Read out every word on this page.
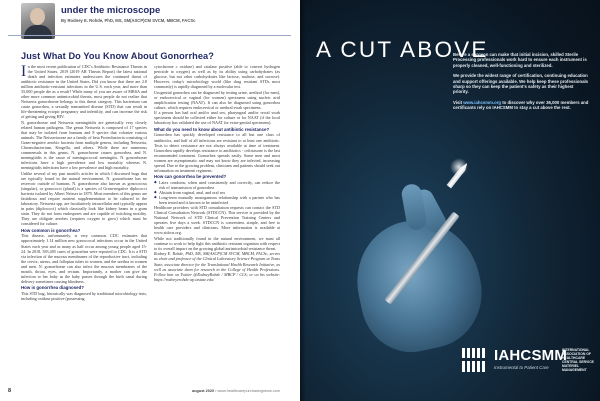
under the microscope
By Rodney E. Rohde, PhD, MS, SM(ASCP)CM SVCM, MBCM, FACSc
Just What Do You Know About Gonorrhea?

In the most recent publication of CDC's Antibiotic Resistance Threats in the United States, 2019 (2019 AR Threats Report) the latest national death and infection estimates underscores the continued threat of antibiotic resistance in the United States. Did you know that there are 2.8 million antibiotic-resistant infections in the U.S. each year, and more than 35,000 people die as a result? While many of you are aware of MRSA and other more common antimicrobial threats, most people do not realize that Neisseria gonorrhoeae belongs to this threat category. This bacterium can cause gonorrhea, a sexually transmitted disease (STD) that can result in life-threatening ectopic pregnancy and infertility, and can increase the risk of getting and giving HIV.

N. gonorrhoeae and Neisseria meningitidis are genetically very closely related human pathogens. The genus Neisseria is composed of 17 species that may be isolated from humans and 8 species that colonize various animals. The Neisseriaceae are a family of beta Proteobacteria consisting of Gram-negative aerobic bacteria from multiple genera, including Neisseria, Chromobacterium, Kingella, and others. While there are numerous commensals in this genus, N. gonorrhoeae causes gonorrhea, and N. meningitidis is the cause of meningococcal meningitis. N. gonorrhoeae infections have a high prevalence and low mortality whereas N. meningitidis infections have a low prevalence and high mortality.

Unlike several of my past month's articles in which I discussed bugs that are typically found in the natural environment, N. gonorrhoeae has no reservoir outside of humans. N. gonorrhoeae also known as gonococcus (singular), or gonococci (plural) is a species of Gram-negative diplococci bacteria isolated by Albert Neisser in 1879. Most members of this genus are fastidious and require nutrient supplementation to be cultured in the laboratory. Neisseria spp. are facultatively intracellular and typically appear in pairs (diplococci) which classically look like kidney beans in a gram stain. They do not form endospores and are capable of twitching motility. They are obligate aerobes (requires oxygen to grow) which must be considered for culture.

How common is gonorrhea?

This disease, unfortunately, is very common. CDC estimates that approximately 1.14 million new gonococcal infections occur in the United States each year and as many as half occur among young people aged 15-24. In 2018, 583,405 cases of gonorrhea were reported to CDC. It is a STD via infection of the mucous membranes of the reproductive tract, including the cervix, uterus, and fallopian tubes in women, and the urethra in women and men. N. gonorrhoeae can also infect the mucous membranes of the mouth, throat, eyes, and rectum. Importantly, a mother can give the infection to her baby as the baby passes through the birth canal during delivery sometimes causing blindness.

How is gonorrhea diagnosed?

This STD bug, historically was diagnosed by traditional microbiology tests, including oxidase positive (possessing

cytochrome c oxidase) and catalase positive (able to convert hydrogen peroxide to oxygen) as well as by its ability using carbohydrates (as glucose, but not other carbohydrates like lactose, maltose, and sucrose). However, today's microbiology world (like drug resistant STDs most commonly) is rapidly diagnosed by a molecular test.

Urogenital gonorrhea can be diagnosed by testing urine, urethral (for men), or endocervical or vaginal (for women) specimens using nucleic acid amplification testing (NAAT). It can also be diagnosed using gonorrhea culture, which requires endocervical or urethral swab specimens.

If a person has had oral and/or anal sex, pharyngeal and/or rectal swab specimens should be collected either for culture or for NAAT (if the local laboratory has validated the use of NAAT for extra-genital specimens).

What do you need to know about antibiotic resistance?

Gonorrhea has quickly developed resistance to all but one class of antibiotics, and half of all infections are resistant to at least one antibiotic. Tests to detect resistance are not always available at time of treatment. Gonorrhea rapidly develops resistance to antibiotics - ceftriaxone is the last recommended treatment. Gonorrhea spreads easily. Some men and most women are asymptomatic and may not know they are infected, increasing spread. Due to the growing problem, clinicians and patients should seek out information on treatment regimens.

How can gonorrhea be prevented?
◆ Latex condoms, when used consistently and correctly, can reduce the risk of transmission of gonorrhea
◆ Abstain from vaginal, anal, and oral sex
◆ Long-term mutually monogamous relationship with a partner who has been tested and is known to be uninfected

Healthcare providers with STD consultation requests can contact the STD Clinical Consultation Network (STDCCN). This service is provided by the National Network of STD Clinical Prevention Training Centers and operates five days a week. STDCCN is convenient, simple, and free to health care providers and clinicians. More information is available at www.stdccn.org.

While not traditionally found in the natural environment, we must all continue to work to help fight this antibiotic resistant organism with respect to its overall impact on the growing global antimicrobial resistance threat.

Rodney E. Rohde, PhD, MS, SM(ASCP)CM SVCM, MBCM, FACSc, serves as chair and professor of the Clinical Laboratory Science Program at Texas State, associate director for the Translational Health Research Initiative, as well as associate dean for research in the College of Health Professions. Follow him on Twitter @RodneyRohde / MBCP / CLS; or on his website: https://rodneyerohde.wp.txstate.edu/

8	august 2020 • www.healthcarepurchasingnews.com
A CUT ABOVE

Before a surgeon can make that initial incision, skilled Sterile Processing professionals work hard to ensure each instrument is properly cleaned, well-functioning and sterilized.

We provide the widest range of certification, continuing education and support offerings available. We help keep these professionals sharp so they can keep the patient's safety as their highest priority.

Visit www.iahcsmm.org to discover why over 36,000 members and certificants rely on IAHCSMM to stay a cut above the rest.

IAHCSMM
Instrumental to Patient Care
INTERNATIONAL ASSOCIATION OF HEALTHCARE CENTRAL SERVICE MATERIEL MANAGEMENT
